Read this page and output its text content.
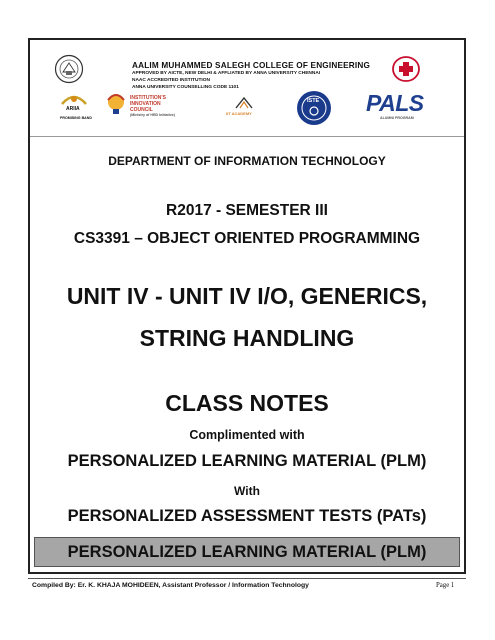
ARIIA
PROMISING BAND
AALIM MUHAMMED SALEGH COLLEGE OF ENGINEERING
APPROVED BY AICTE, NEW DELHI & AFFLIATED BY ANNA UNIVERSITY CHENNAI
NAAC ACCREDITED INSTITUTION
ANNA UNIVERSITY COUNSELLING CODE 1101
INSTITUTION'S
INNOVATION
COUNCIL
(Ministry of HRD Initiative)	IIT ACADEMY
ISTE PALS
ALUMNI PROGRAM
DEPARTMENT OF INFORMATION TECHNOLOGY
R2017 - SEMESTER III
CS3391 – OBJECT ORIENTED PROGRAMMING
UNIT IV - UNIT IV I/O, GENERICS,
STRING HANDLING
CLASS NOTES
Complimented with
PERSONALIZED LEARNING MATERIAL (PLM)
With
PERSONALIZED ASSESSMENT TESTS (PATs)
PERSONALIZED LEARNING MATERIAL (PLM)
Compiled By: Er. K. KHAJA MOHIDEEN, Assistant Professor / Information Technology	Page 1
